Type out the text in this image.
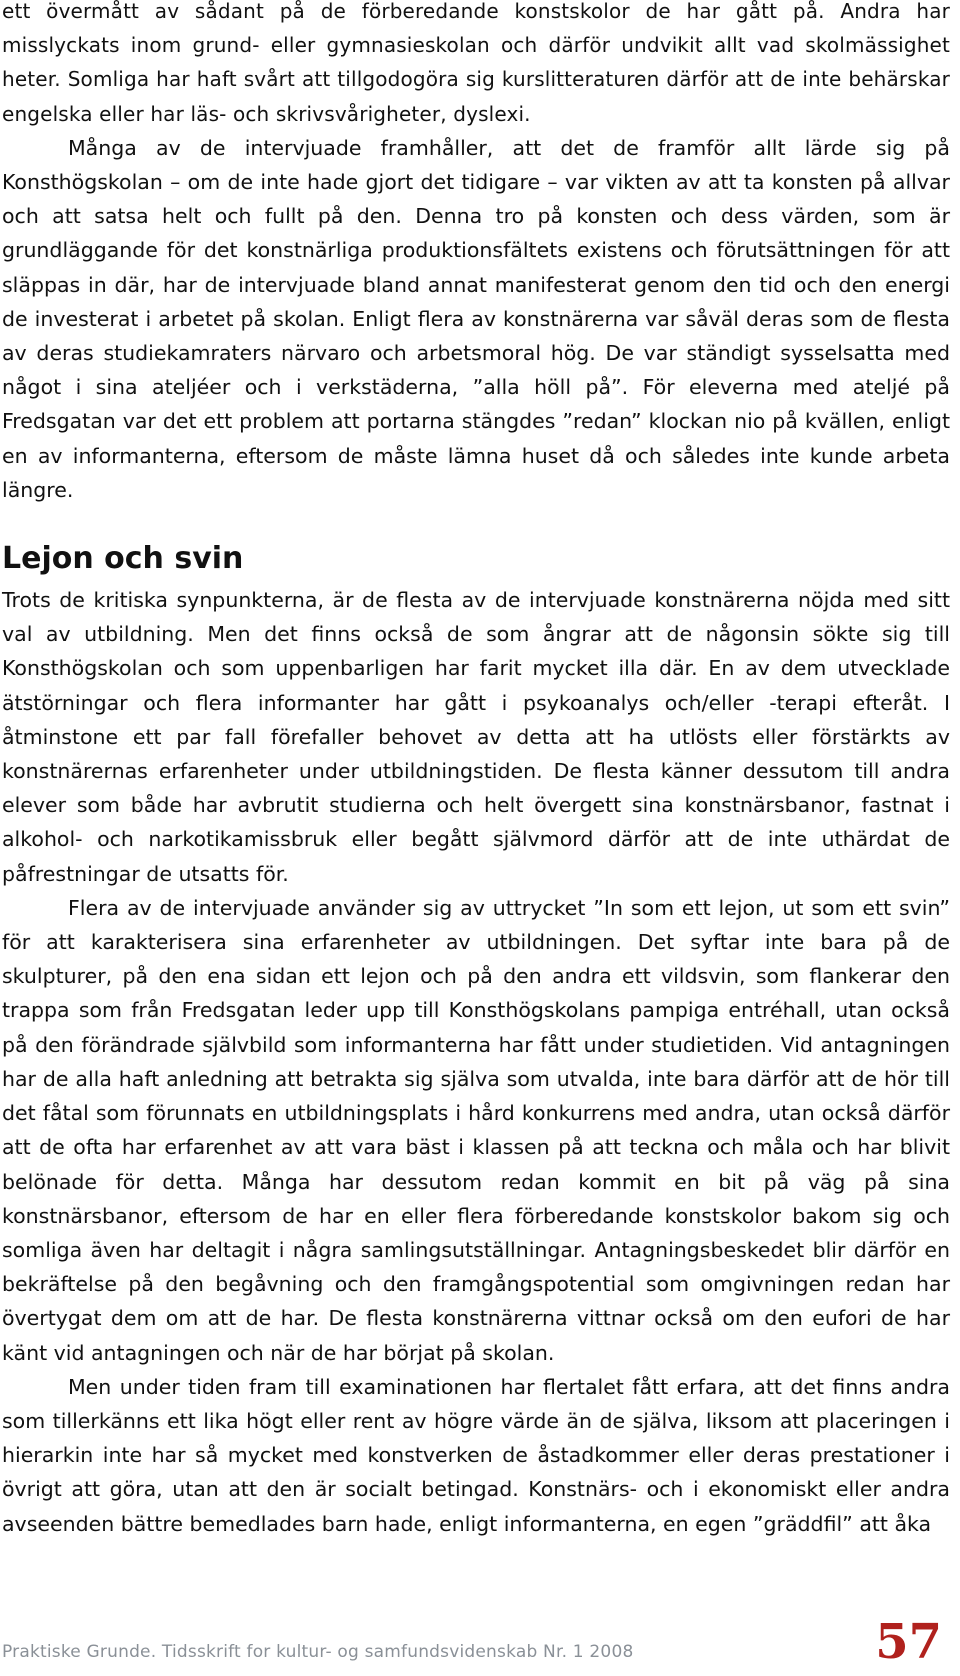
ett övermått av sådant på de förberedande konstskolor de har gått på. Andra har misslyckats inom grund- eller gymnasieskolan och därför undvikit allt vad skolmässighet heter. Somliga har haft svårt att tillgodogöra sig kurslitteraturen därför att de inte behärskar engelska eller har läs- och skrivsvårigheter, dyslexi.

Många av de intervjuade framhåller, att det de framför allt lärde sig på Konsthögskolan – om de inte hade gjort det tidigare – var vikten av att ta konsten på allvar och att satsa helt och fullt på den. Denna tro på konsten och dess värden, som är grundläggande för det konstnärliga produktionsfältets existens och förutsättningen för att släppas in där, har de intervjuade bland annat manifesterat genom den tid och den energi de investerat i arbetet på skolan. Enligt flera av konstnärerna var såväl deras som de flesta av deras studiekamraters närvaro och arbetsmoral hög. De var ständigt sysselsatta med något i sina ateljéer och i verkstäderna, ”alla höll på”. För eleverna med ateljé på Fredsgatan var det ett problem att portarna stängdes ”redan” klockan nio på kvällen, enligt en av informanterna, eftersom de måste lämna huset då och således inte kunde arbeta längre.

Lejon och svin

Trots de kritiska synpunkterna, är de flesta av de intervjuade konstnärerna nöjda med sitt val av utbildning. Men det finns också de som ångrar att de någonsin sökte sig till Konsthögskolan och som uppenbarligen har farit mycket illa där. En av dem utvecklade ätstörningar och flera informanter har gått i psykoanalys och/eller -terapi efteråt. I åtminstone ett par fall förefaller behovet av detta att ha utlösts eller förstärkts av konstnärernas erfarenheter under utbildningstiden. De flesta känner dessutom till andra elever som både har avbrutit studierna och helt övergett sina konstnärsbanor, fastnat i alkohol- och narkotikamissbruk eller begått självmord därför att de inte uthärdat de påfrestningar de utsatts för.

Flera av de intervjuade använder sig av uttrycket ”In som ett lejon, ut som ett svin” för att karakterisera sina erfarenheter av utbildningen. Det syftar inte bara på de skulpturer, på den ena sidan ett lejon och på den andra ett vildsvin, som flankerar den trappa som från Fredsgatan leder upp till Konsthögskolans pampiga entréhall, utan också på den förändrade självbild som informanterna har fått under studietiden. Vid antagningen har de alla haft anledning att betrakta sig själva som utvalda, inte bara därför att de hör till det fåtal som förunnats en utbildningsplats i hård konkurrens med andra, utan också därför att de ofta har erfarenhet av att vara bäst i klassen på att teckna och måla och har blivit belönade för detta. Många har dessutom redan kommit en bit på väg på sina konstnärsbanor, eftersom de har en eller flera förberedande konstskolor bakom sig och somliga även har deltagit i några samlingsutställningar. Antagningsbeskedet blir därför en bekräftelse på den begåvning och den framgångspotential som omgivningen redan har övertygat dem om att de har. De flesta konstnärerna vittnar också om den eufori de har känt vid antagningen och när de har börjat på skolan.

Men under tiden fram till examinationen har flertalet fått erfara, att det finns andra som tillerkänns ett lika högt eller rent av högre värde än de själva, liksom att placeringen i hierarkin inte har så mycket med konstverken de åstadkommer eller deras prestationer i övrigt att göra, utan att den är socialt betingad. Konstnärs- och i ekonomiskt eller andra avseenden bättre bemedlades barn hade, enligt informanterna, en egen ”gräddfil” att åka

Praktiske Grunde. Tidsskrift for kultur- og samfundsvidenskab Nr. 1 2008	57
